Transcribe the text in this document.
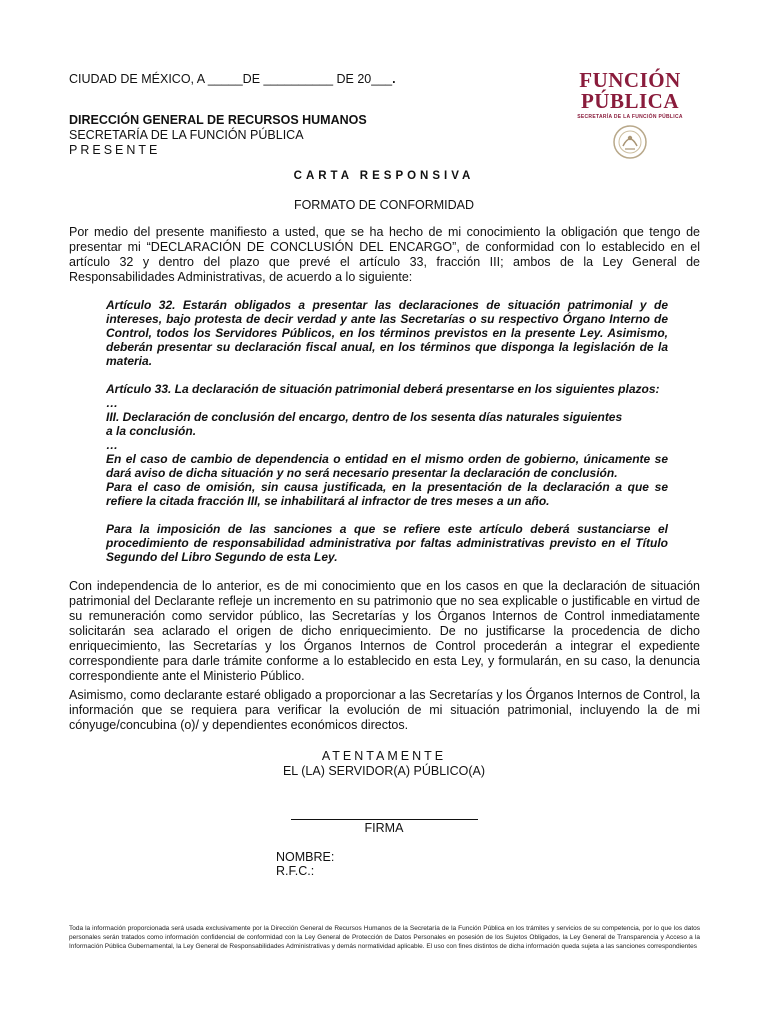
CIUDAD DE MÉXICO, A _____DE __________ DE 20___.	FUNCIÓN
PÚBLICA
SECRETARÍA DE LA FUNCIÓN PÚBLICA
DIRECCIÓN GENERAL DE RECURSOS HUMANOS
SECRETARÍA DE LA FUNCIÓN PÚBLICA
PRESENTE
CARTA RESPONSIVA
FORMATO DE CONFORMIDAD

Por medio del presente manifiesto a usted, que se ha hecho de mi conocimiento la obligación que tengo de presentar mi “DECLARACIÓN DE CONCLUSIÓN DEL ENCARGO”, de conformidad con lo establecido en el artículo 32 y dentro del plazo que prevé el artículo 33, fracción III; ambos de la Ley General de Responsabilidades Administrativas, de acuerdo a lo siguiente:

Artículo 32. Estarán obligados a presentar las declaraciones de situación patrimonial y de intereses, bajo protesta de decir verdad y ante las Secretarías o su respectivo Órgano Interno de Control, todos los Servidores Públicos, en los términos previstos en la presente Ley. Asimismo, deberán presentar su declaración fiscal anual, en los términos que disponga la legislación de la materia.

Artículo 33. La declaración de situación patrimonial deberá presentarse en los siguientes plazos:

…

III. Declaración de conclusión del encargo, dentro de los sesenta días naturales siguientes

a la conclusión.

…

En el caso de cambio de dependencia o entidad en el mismo orden de gobierno, únicamente se dará aviso de dicha situación y no será necesario presentar la declaración de conclusión.

Para el caso de omisión, sin causa justificada, en la presentación de la declaración a que se refiere la citada fracción III, se inhabilitará al infractor de tres meses a un año.

Para la imposición de las sanciones a que se refiere este artículo deberá sustanciarse el procedimiento de responsabilidad administrativa por faltas administrativas previsto en el Título Segundo del Libro Segundo de esta Ley.

Con independencia de lo anterior, es de mi conocimiento que en los casos en que la declaración de situación patrimonial del Declarante refleje un incremento en su patrimonio que no sea explicable o justificable en virtud de su remuneración como servidor público, las Secretarías y los Órganos Internos de Control inmediatamente solicitarán sea aclarado el origen de dicho enriquecimiento. De no justificarse la procedencia de dicho enriquecimiento, las Secretarías y los Órganos Internos de Control procederán a integrar el expediente correspondiente para darle trámite conforme a lo establecido en esta Ley, y formularán, en su caso, la denuncia correspondiente ante el Ministerio Público.

Asimismo, como declarante estaré obligado a proporcionar a las Secretarías y los Órganos Internos de Control, la información que se requiera para verificar la evolución de mi situación patrimonial, incluyendo la de mi cónyuge/concubina (o)/ y dependientes económicos directos.

ATENTAMENTE
EL (LA) SERVIDOR(A) PÚBLICO(A)
FIRMA
NOMBRE:
R.F.C.:

Toda la información proporcionada será usada exclusivamente por la Dirección General de Recursos Humanos de la Secretaría de la Función Pública en los trámites y servicios de su competencia, por lo que los datos personales serán tratados como información confidencial de conformidad con la Ley General de Protección de Datos Personales en posesión de los Sujetos Obligados, la Ley General de Transparencia y Acceso a la Información Pública Gubernamental, la Ley General de Responsabilidades Administrativas y demás normatividad aplicable. El uso con fines distintos de dicha información queda sujeta a las sanciones correspondientes
